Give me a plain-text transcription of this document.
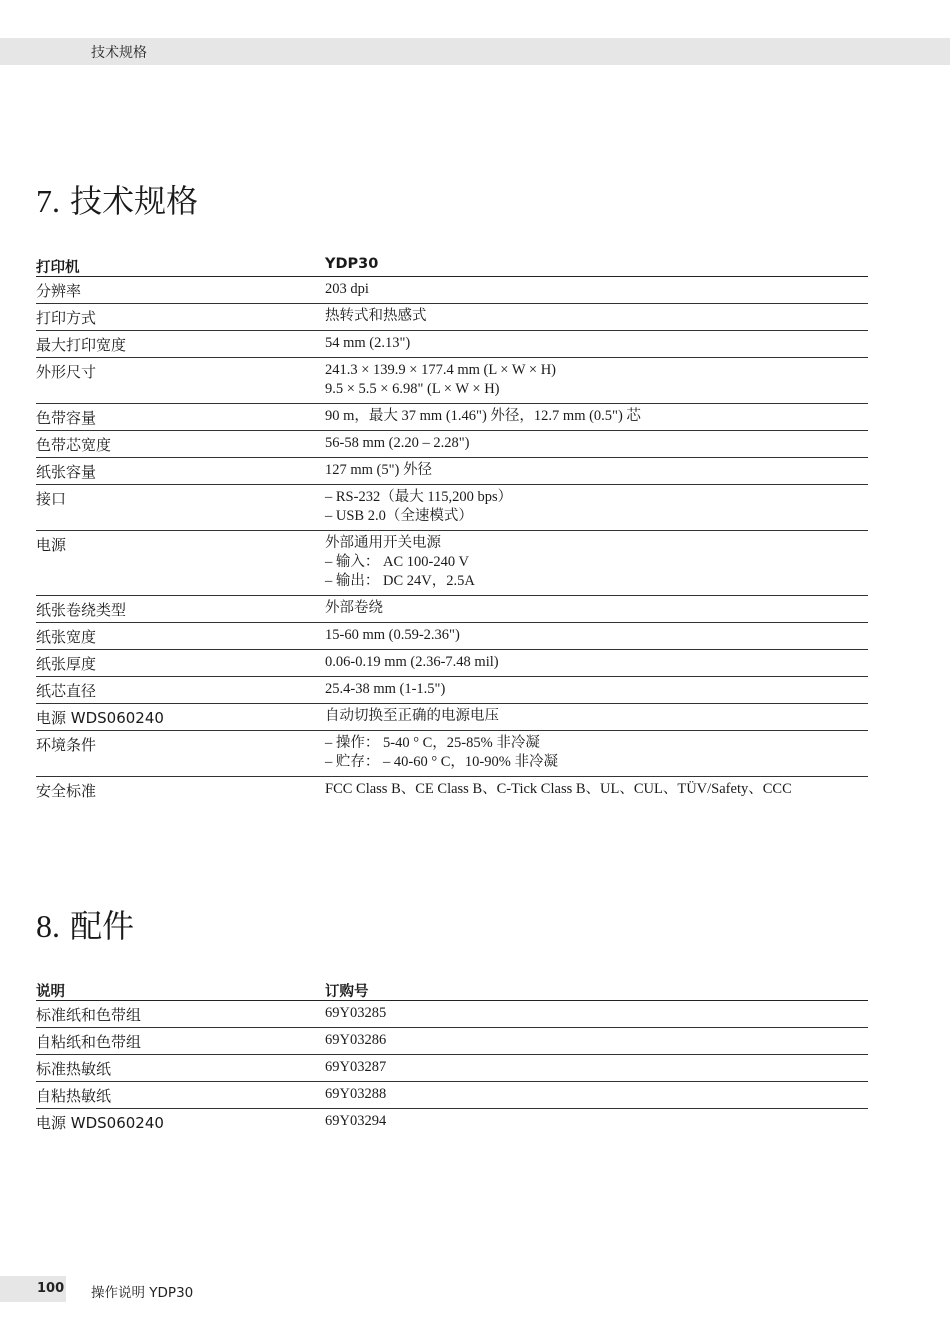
技术规格
7. 技术规格
打印机	YDP30
分辨率	203 dpi
打印方式	热转式和热感式
最大打印宽度	54 mm (2.13")
外形尺寸	241.3 × 139.9 × 177.4 mm (L × W × H)
9.5 × 5.5 × 6.98" (L × W × H)
色带容量	90 m，最大 37 mm (1.46") 外径，12.7 mm (0.5") 芯
色带芯宽度	56-58 mm (2.20 – 2.28")
纸张容量	127 mm (5") 外径
接口	– RS-232（最大 115,200 bps）
– USB 2.0（全速模式）
电源	外部通用开关电源
– 输入： AC 100-240 V
– 输出： DC 24V，2.5A
纸张卷绕类型	外部卷绕
纸张宽度	15-60 mm (0.59-2.36")
纸张厚度	0.06-0.19 mm (2.36-7.48 mil)
纸芯直径	25.4-38 mm (1-1.5")
电源 WDS060240	自动切换至正确的电源电压
环境条件	– 操作： 5-40 ° C，25-85% 非冷凝
– 贮存： – 40-60 ° C，10-90% 非冷凝
安全标准	FCC Class B、CE Class B、C-Tick Class B、UL、CUL、TÜV/Safety、CCC
8. 配件
说明	订购号
标准纸和色带组	69Y03285
自粘纸和色带组	69Y03286
标准热敏纸	69Y03287
自粘热敏纸	69Y03288
电源 WDS060240	69Y03294
100 操作说明 YDP30
